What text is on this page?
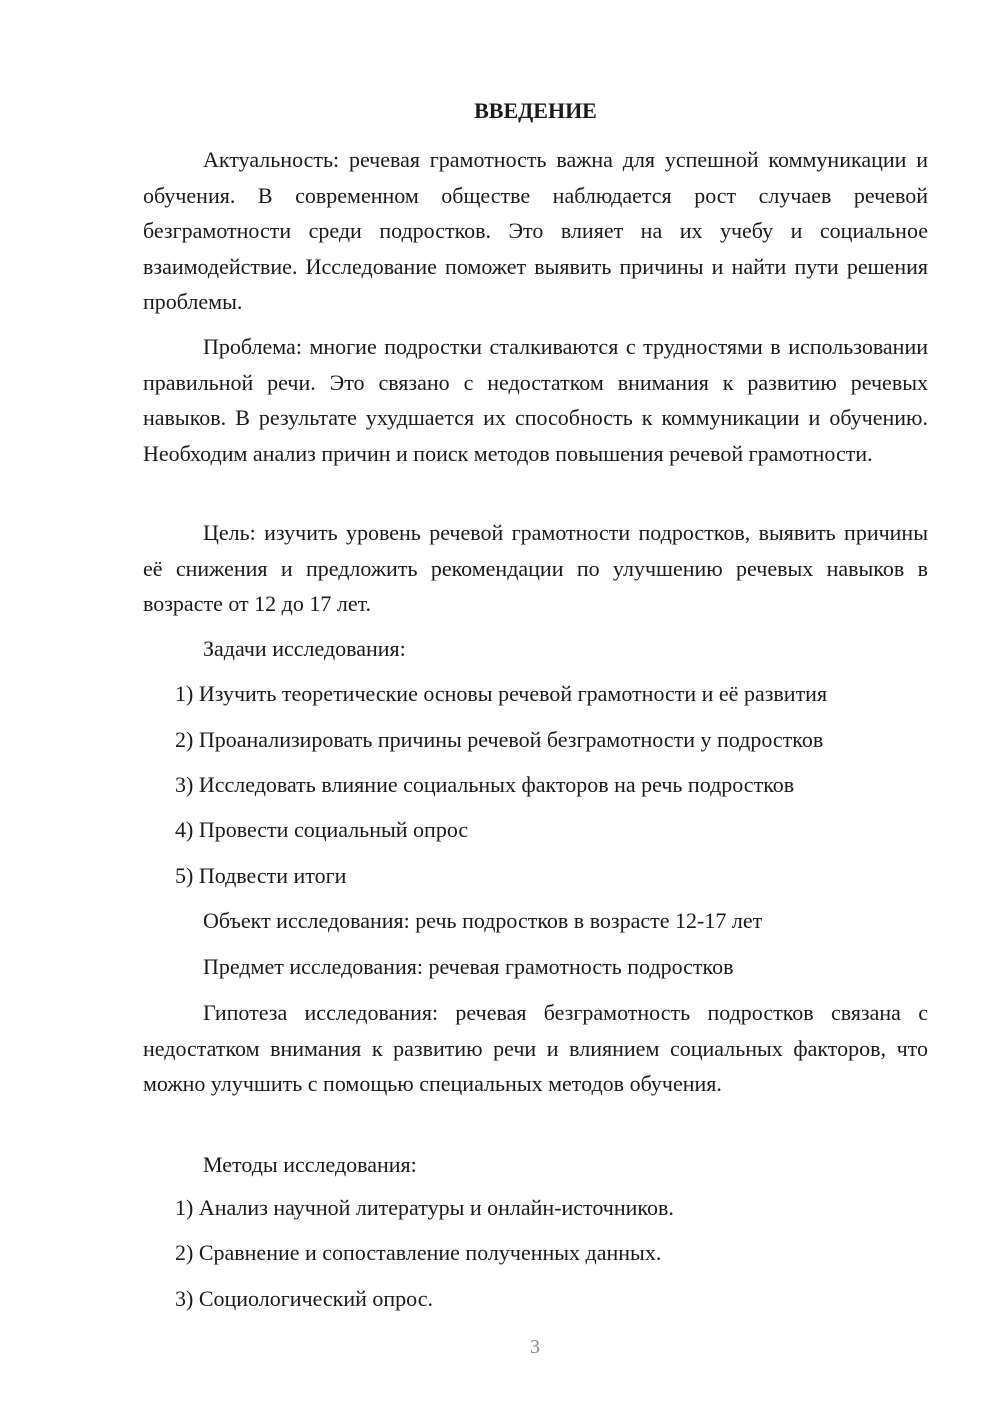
ВВЕДЕНИЕ

Актуальность: речевая грамотность важна для успешной коммуникации и обучения. В современном обществе наблюдается рост случаев речевой безграмотности среди подростков. Это влияет на их учебу и социальное взаимодействие. Исследование поможет выявить причины и найти пути решения проблемы.

Проблема: многие подростки сталкиваются с трудностями в использовании правильной речи. Это связано с недостатком внимания к развитию речевых навыков. В результате ухудшается их способность к коммуникации и обучению. Необходим анализ причин и поиск методов повышения речевой грамотности.

Цель: изучить уровень речевой грамотности подростков, выявить причины её снижения и предложить рекомендации по улучшению речевых навыков в возрасте от 12 до 17 лет.

Задачи исследования:
1) Изучить теоретические основы речевой грамотности и её развития
2) Проанализировать причины речевой безграмотности у подростков
3) Исследовать влияние социальных факторов на речь подростков
4) Провести социальный опрос
5) Подвести итоги
Объект исследования: речь подростков в возрасте 12-17 лет
Предмет исследования: речевая грамотность подростков

Гипотеза исследования: речевая безграмотность подростков связана с недостатком внимания к развитию речи и влиянием социальных факторов, что можно улучшить с помощью специальных методов обучения.

Методы исследования:
1) Анализ научной литературы и онлайн-источников.
2) Сравнение и сопоставление полученных данных.
3) Социологический опрос.
3
